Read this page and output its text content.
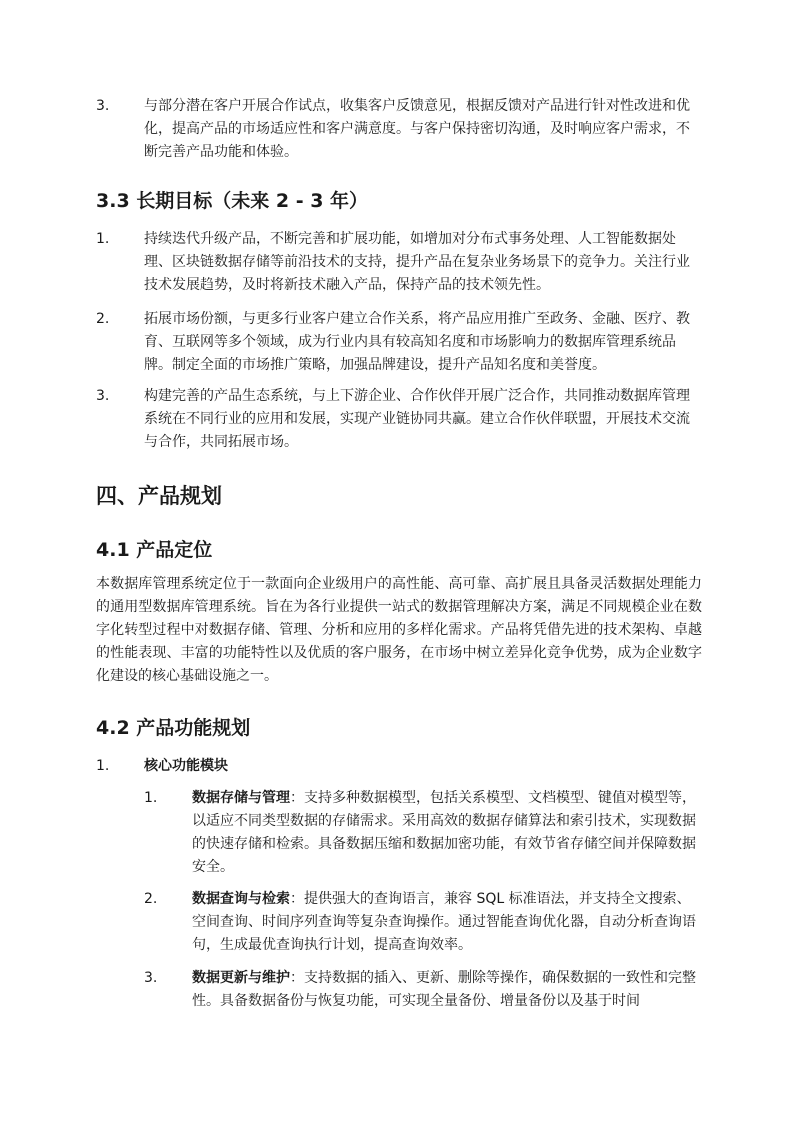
3. 与部分潜在客户开展合作试点，收集客户反馈意见，根据反馈对产品进行针对性改进和优化，提高产品的市场适应性和客户满意度。与客户保持密切沟通，及时响应客户需求，不断完善产品功能和体验。
3.3 长期目标（未来 2 - 3 年）
1. 持续迭代升级产品，不断完善和扩展功能，如增加对分布式事务处理、人工智能数据处理、区块链数据存储等前沿技术的支持，提升产品在复杂业务场景下的竞争力。关注行业技术发展趋势，及时将新技术融入产品，保持产品的技术领先性。
2. 拓展市场份额，与更多行业客户建立合作关系，将产品应用推广至政务、金融、医疗、教育、互联网等多个领域，成为行业内具有较高知名度和市场影响力的数据库管理系统品牌。制定全面的市场推广策略，加强品牌建设，提升产品知名度和美誉度。
3. 构建完善的产品生态系统，与上下游企业、合作伙伴开展广泛合作，共同推动数据库管理系统在不同行业的应用和发展，实现产业链协同共赢。建立合作伙伴联盟，开展技术交流与合作，共同拓展市场。
四、产品规划
4.1 产品定位
本数据库管理系统定位于一款面向企业级用户的高性能、高可靠、高扩展且具备灵活数据处理能力的通用型数据库管理系统。旨在为各行业提供一站式的数据管理解决方案，满足不同规模企业在数字化转型过程中对数据存储、管理、分析和应用的多样化需求。产品将凭借先进的技术架构、卓越的性能表现、丰富的功能特性以及优质的客户服务，在市场中树立差异化竞争优势，成为企业数字化建设的核心基础设施之一。
4.2 产品功能规划
1. 核心功能模块
1. 数据存储与管理：支持多种数据模型，包括关系模型、文档模型、键值对模型等，以适应不同类型数据的存储需求。采用高效的数据存储算法和索引技术，实现数据的快速存储和检索。具备数据压缩和数据加密功能，有效节省存储空间并保障数据安全。
2. 数据查询与检索：提供强大的查询语言，兼容 SQL 标准语法，并支持全文搜索、空间查询、时间序列查询等复杂查询操作。通过智能查询优化器，自动分析查询语句，生成最优查询执行计划，提高查询效率。
3. 数据更新与维护：支持数据的插入、更新、删除等操作，确保数据的一致性和完整性。具备数据备份与恢复功能，可实现全量备份、增量备份以及基于时间
